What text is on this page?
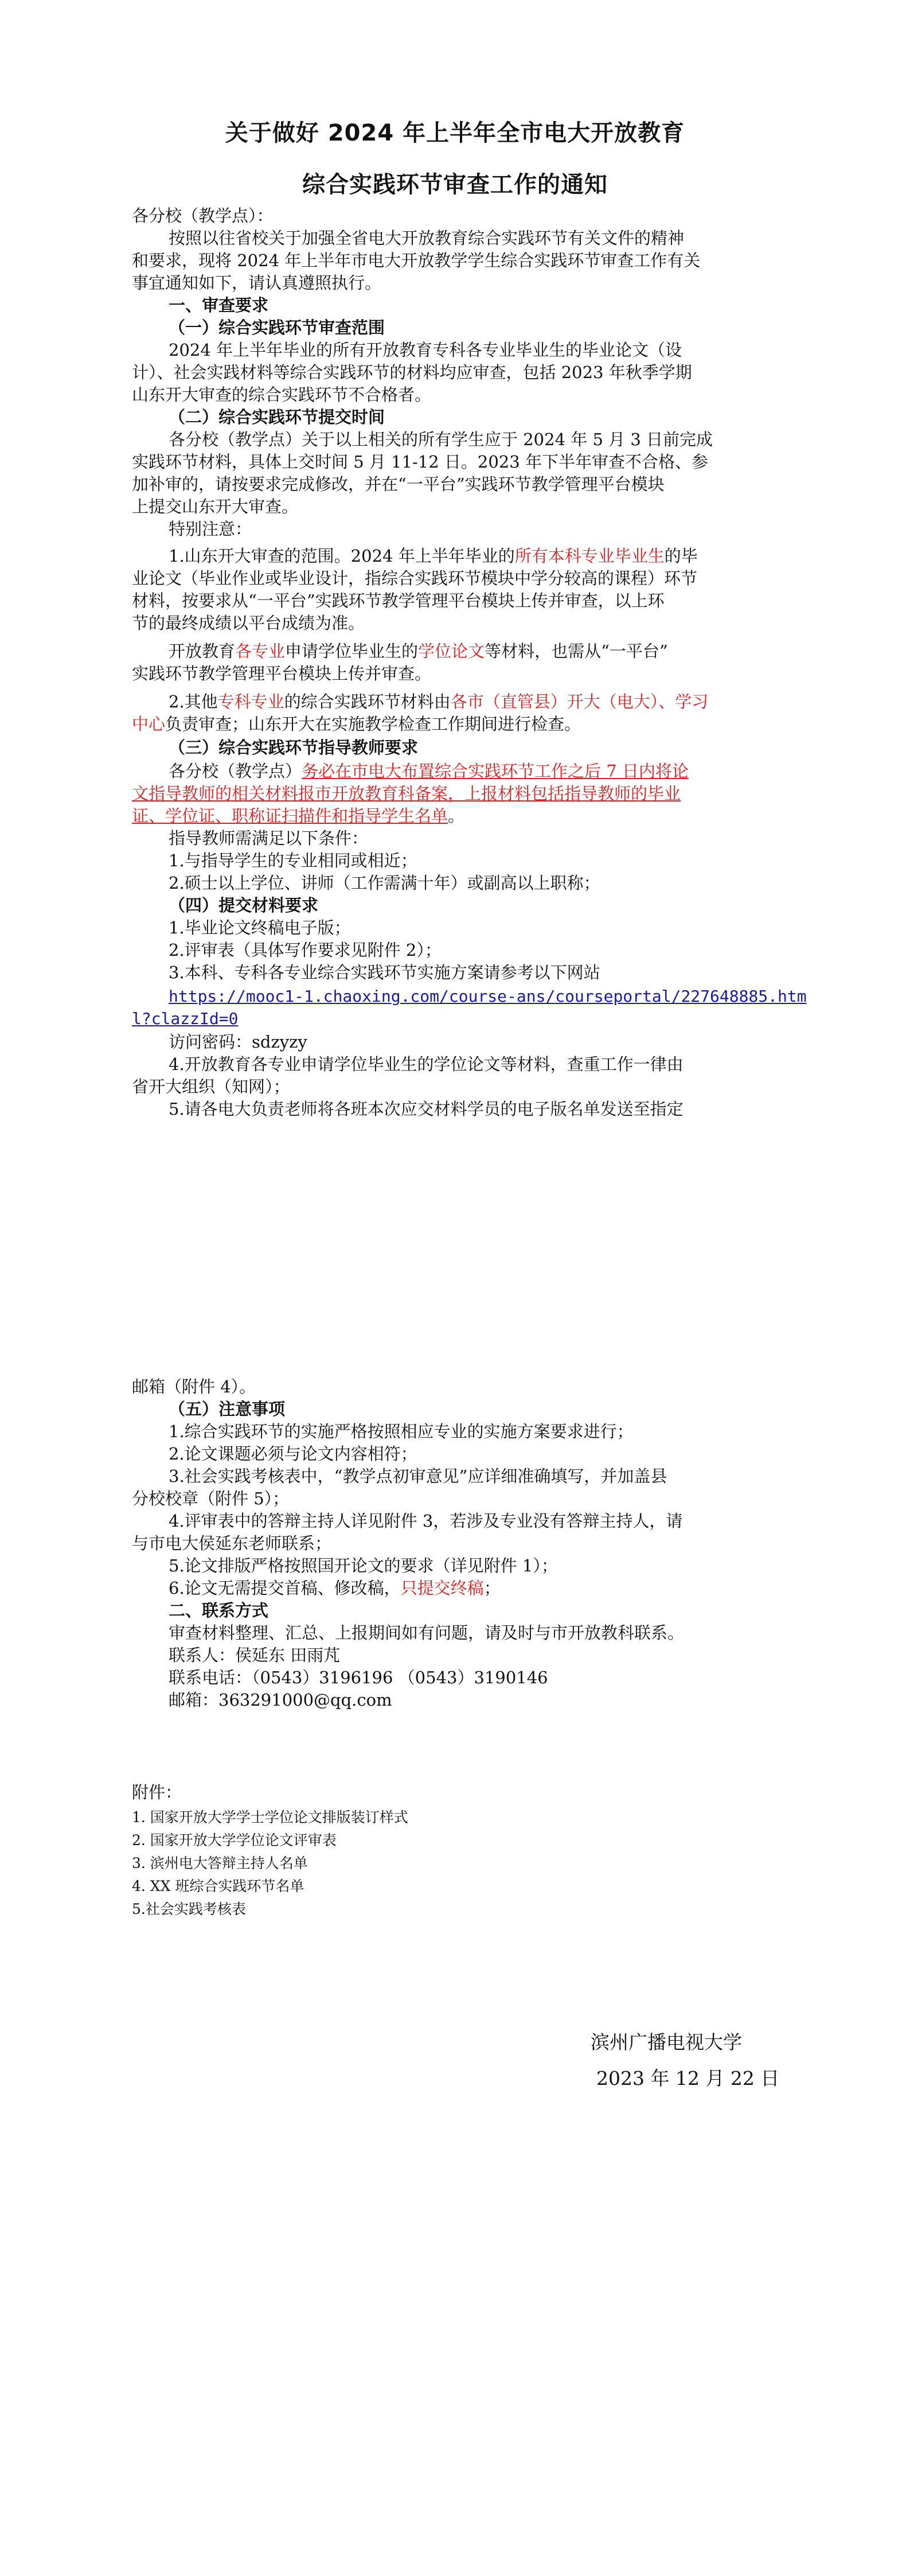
关于做好 2024 年上半年全市电大开放教育
综合实践环节审查工作的通知
各分校（教学点）：
按照以往省校关于加强全省电大开放教育综合实践环节有关文件的精神
和要求，现将 2024 年上半年市电大开放教学学生综合实践环节审查工作有关
事宜通知如下，请认真遵照执行。
一、审查要求
（一）综合实践环节审查范围
2024 年上半年毕业的所有开放教育专科各专业毕业生的毕业论文（设
计）、社会实践材料等综合实践环节的材料均应审查，包括 2023 年秋季学期
山东开大审查的综合实践环节不合格者。
（二）综合实践环节提交时间
各分校（教学点）关于以上相关的所有学生应于 2024 年 5 月 3 日前完成
实践环节材料，具体上交时间 5 月 11-12 日。2023 年下半年审查不合格、参
加补审的，请按要求完成修改，并在“一平台”实践环节教学管理平台模块
上提交山东开大审查。
特别注意：
1.山东开大审查的范围。2024 年上半年毕业的所有本科专业毕业生的毕
业论文（毕业作业或毕业设计，指综合实践环节模块中学分较高的课程）环节
材料，按要求从“一平台”实践环节教学管理平台模块上传并审查，以上环
节的最终成绩以平台成绩为准。
开放教育各专业申请学位毕业生的学位论文等材料，也需从“一平台”
实践环节教学管理平台模块上传并审查。
2.其他专科专业的综合实践环节材料由各市（直管县）开大（电大）、学习
中心负责审查；山东开大在实施教学检查工作期间进行检查。
（三）综合实践环节指导教师要求
各分校（教学点）务必在市电大布置综合实践环节工作之后 7 日内将论
文指导教师的相关材料报市开放教育科备案，上报材料包括指导教师的毕业
证、学位证、职称证扫描件和指导学生名单。
指导教师需满足以下条件：
1.与指导学生的专业相同或相近；
2.硕士以上学位、讲师（工作需满十年）或副高以上职称；
（四）提交材料要求
1.毕业论文终稿电子版；
2.评审表（具体写作要求见附件 2）；
3.本科、专科各专业综合实践环节实施方案请参考以下网站
https://mooc1-1.chaoxing.com/course-ans/courseportal/227648885.htm
l?clazzId=0
访问密码：sdzyzy
4.开放教育各专业申请学位毕业生的学位论文等材料，查重工作一律由
省开大组织（知网）；
5.请各电大负责老师将各班本次应交材料学员的电子版名单发送至指定
邮箱（附件 4）。
（五）注意事项
1.综合实践环节的实施严格按照相应专业的实施方案要求进行；
2.论文课题必须与论文内容相符；
3.社会实践考核表中，“教学点初审意见”应详细准确填写，并加盖县
分校校章（附件 5）；
4.评审表中的答辩主持人详见附件 3，若涉及专业没有答辩主持人，请
与市电大侯延东老师联系；
5.论文排版严格按照国开论文的要求（详见附件 1）；
6.论文无需提交首稿、修改稿，只提交终稿；
二、联系方式
审查材料整理、汇总、上报期间如有问题，请及时与市开放教科联系。
联系人：侯延东 田雨芃
联系电话：（0543）3196196 （0543）3190146
邮箱：363291000@qq.com
附件：
1. 国家开放大学学士学位论文排版装订样式
2. 国家开放大学学位论文评审表
3. 滨州电大答辩主持人名单
4. XX 班综合实践环节名单
5.社会实践考核表
滨州广播电视大学
2023 年 12 月 22 日
